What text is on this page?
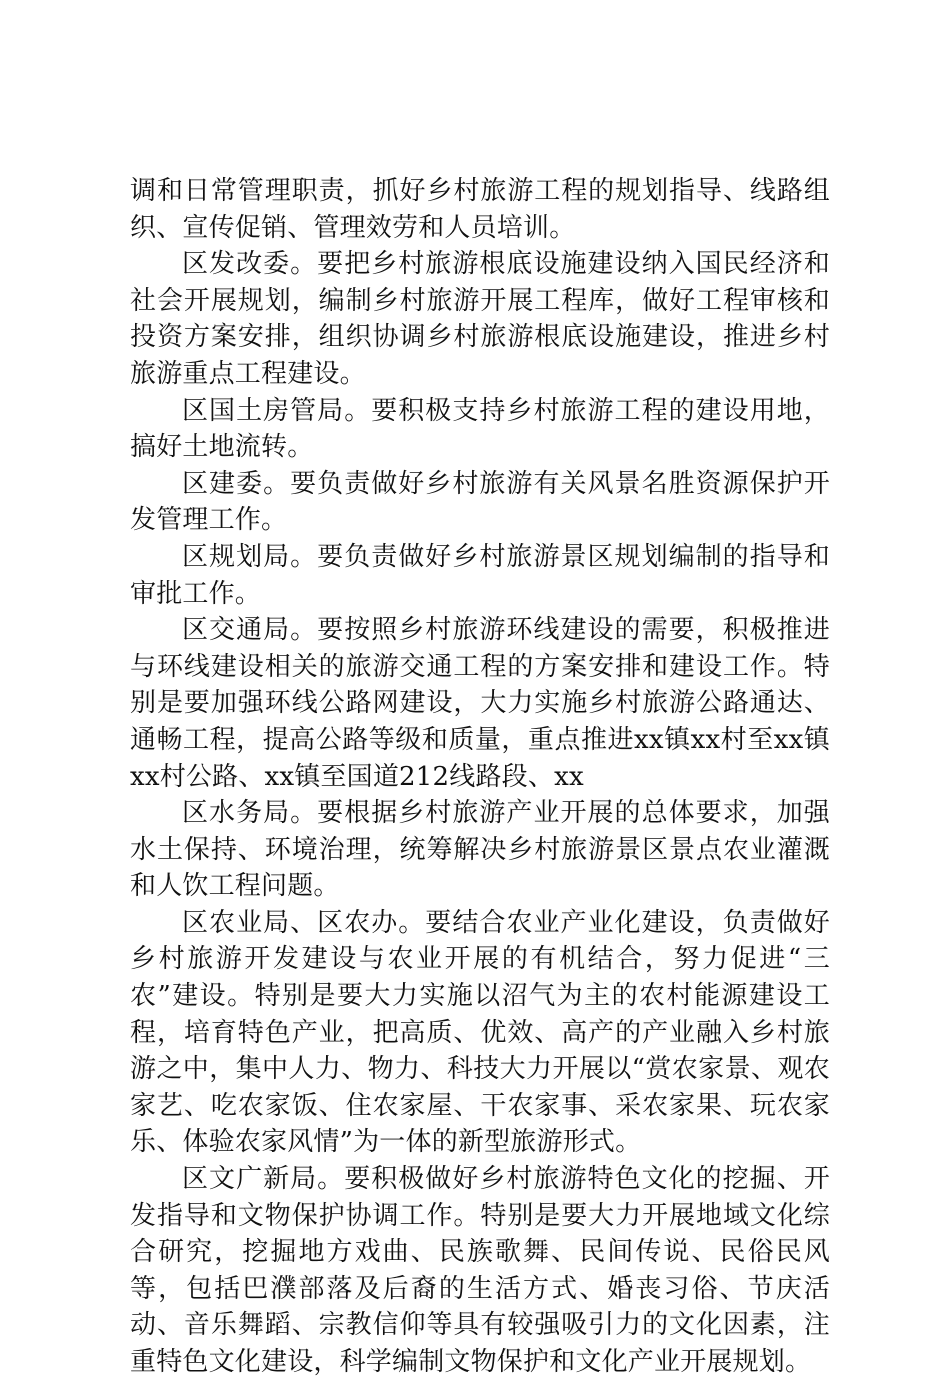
调和日常管理职责，抓好乡村旅游工程的规划指导、线路组织、宣传促销、管理效劳和人员培训。

区发改委。要把乡村旅游根底设施建设纳入国民经济和社会开展规划，编制乡村旅游开展工程库，做好工程审核和投资方案安排，组织协调乡村旅游根底设施建设，推进乡村旅游重点工程建设。

区国土房管局。要积极支持乡村旅游工程的建设用地，搞好土地流转。

区建委。要负责做好乡村旅游有关风景名胜资源保护开发管理工作。

区规划局。要负责做好乡村旅游景区规划编制的指导和审批工作。

区交通局。要按照乡村旅游环线建设的需要，积极推进与环线建设相关的旅游交通工程的方案安排和建设工作。特别是要加强环线公路网建设，大力实施乡村旅游公路通达、通畅工程，提高公路等级和质量，重点推进xx镇xx村至xx镇xx村公路、xx镇至国道212线路段、xx

区水务局。要根据乡村旅游产业开展的总体要求，加强水土保持、环境治理，统筹解决乡村旅游景区景点农业灌溉和人饮工程问题。

区农业局、区农办。要结合农业产业化建设，负责做好乡村旅游开发建设与农业开展的有机结合，努力促进“三农”建设。特别是要大力实施以沼气为主的农村能源建设工程，培育特色产业，把高质、优效、高产的产业融入乡村旅游之中，集中人力、物力、科技大力开展以“赏农家景、观农家艺、吃农家饭、住农家屋、干农家事、采农家果、玩农家乐、体验农家风情”为一体的新型旅游形式。

区文广新局。要积极做好乡村旅游特色文化的挖掘、开发指导和文物保护协调工作。特别是要大力开展地域文化综合研究，挖掘地方戏曲、民族歌舞、民间传说、民俗民风等，包括巴濮部落及后裔的生活方式、婚丧习俗、节庆活动、音乐舞蹈、宗教信仰等具有较强吸引力的文化因素，注重特色文化建设，科学编制文物保护和文化产业开展规划。
